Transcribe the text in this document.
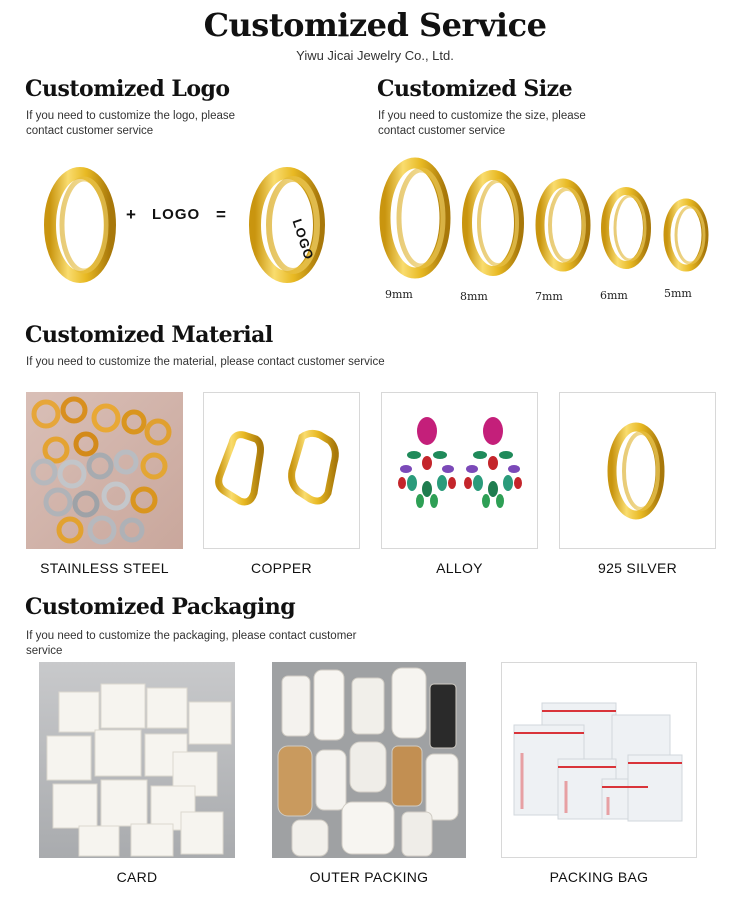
Customized Service
Yiwu Jicai Jewelry Co., Ltd.
Customized Logo
If you need to customize the logo, please
contact customer service
+ LOGO =
LOGO
Customized Size
If you need to customize the size, please
contact customer service
9mm	8mm	7mm	6mm	5mm
Customized Material
If you need to customize the material, please contact customer service
STAINLESS STEEL	COPPER	ALLOY	925 SILVER
Customized Packaging
If you need to customize the packaging, please contact customer
service
CARD	OUTER PACKING	PACKING BAG
